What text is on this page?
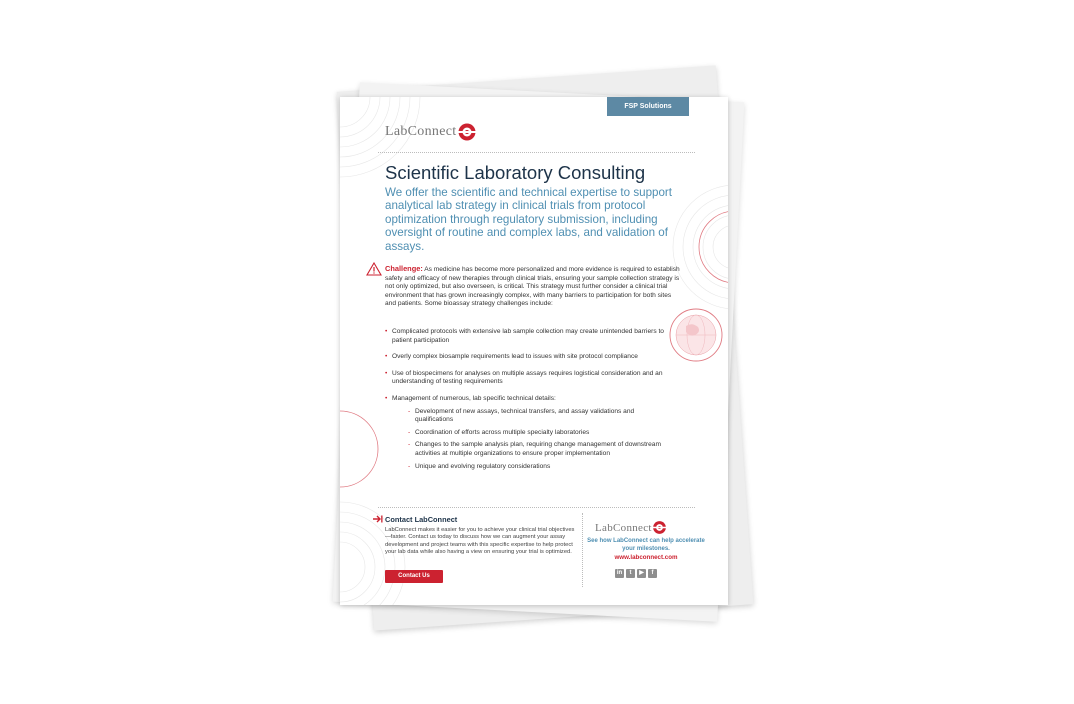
FSP Solutions
LabConnect
Scientific Laboratory Consulting
We offer the scientific and technical expertise to support analytical lab strategy in clinical trials from protocol optimization through regulatory submission, including oversight of routine and complex labs, and validation of assays.
Challenge: As medicine has become more personalized and more evidence is required to establish safety and efficacy of new therapies through clinical trials, ensuring your sample collection strategy is not only optimized, but also overseen, is critical. This strategy must further consider a clinical trial environment that has grown increasingly complex, with many barriers to participation for both sites and patients. Some bioassay strategy challenges include:
• Complicated protocols with extensive lab sample collection may create unintended barriers to patient participation
• Overly complex biosample requirements lead to issues with site protocol compliance
• Use of biospecimens for analyses on multiple assays requires logistical consideration and an understanding of testing requirements
• Management of numerous, lab specific technical details:
- Development of new assays, technical transfers, and assay validations and qualifications
- Coordination of efforts across multiple specialty laboratories
- Changes to the sample analysis plan, requiring change management of downstream activities at multiple organizations to ensure proper implementation
- Unique and evolving regulatory considerations
Contact LabConnect
LabConnect makes it easier for you to achieve your clinical trial objectives —faster. Contact us today to discuss how we can augment your assay development and project teams with this specific expertise to help protect your lab data while also having a view on ensuring your trial is optimized.
Contact Us
LabConnect
See how LabConnect can help accelerate your milestones.
www.labconnect.com
in	t	▶	f
